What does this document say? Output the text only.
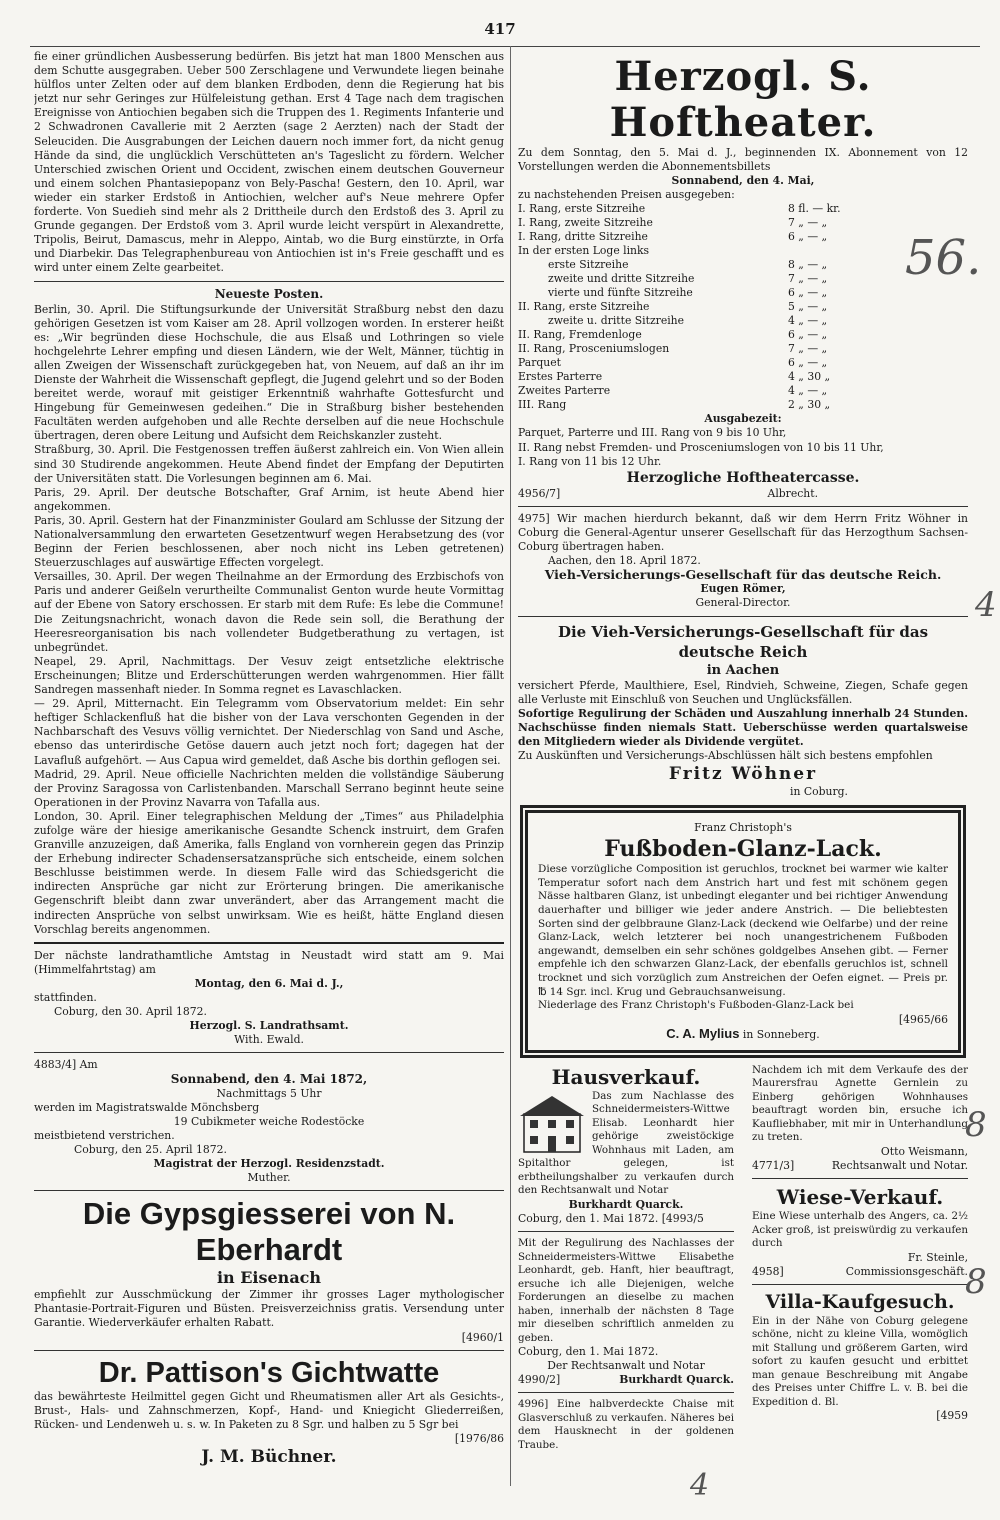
417

fie einer gründlichen Ausbesserung bedürfen. Bis jetzt hat man 1800 Menschen aus dem Schutte ausgegraben. Ueber 500 Zerschlagene und Verwundete liegen beinahe hülflos unter Zelten oder auf dem blanken Erdboden, denn die Regierung hat bis jetzt nur sehr Geringes zur Hülfeleistung gethan. Erst 4 Tage nach dem tragischen Ereignisse von Antiochien begaben sich die Truppen des 1. Regiments Infanterie und 2 Schwadronen Cavallerie mit 2 Aerzten (sage 2 Aerzten) nach der Stadt der Seleuciden. Die Ausgrabungen der Leichen dauern noch immer fort, da nicht genug Hände da sind, die unglücklich Verschütteten an's Tageslicht zu fördern. Welcher Unterschied zwischen Orient und Occident, zwischen einem deutschen Gouverneur und einem solchen Phantasiepopanz von Bely-Pascha! Gestern, den 10. April, war wieder ein starker Erdstoß in Antiochien, welcher auf's Neue mehrere Opfer forderte. Von Suedieh sind mehr als 2 Drittheile durch den Erdstoß des 3. April zu Grunde gegangen. Der Erdstoß vom 3. April wurde leicht verspürt in Alexandrette, Tripolis, Beirut, Damascus, mehr in Aleppo, Aintab, wo die Burg einstürzte, in Orfa und Diarbekir. Das Telegraphenbureau von Antiochien ist in's Freie geschafft und es wird unter einem Zelte gearbeitet.

Neueste Posten.

Berlin, 30. April. Die Stiftungsurkunde der Universität Straßburg nebst den dazu gehörigen Gesetzen ist vom Kaiser am 28. April vollzogen worden. In ersterer heißt es: „Wir begründen diese Hochschule, die aus Elsaß und Lothringen so viele hochgelehrte Lehrer empfing und diesen Ländern, wie der Welt, Männer, tüchtig in allen Zweigen der Wissenschaft zurückgegeben hat, von Neuem, auf daß an ihr im Dienste der Wahrheit die Wissenschaft gepflegt, die Jugend gelehrt und so der Boden bereitet werde, worauf mit geistiger Erkenntniß wahrhafte Gottesfurcht und Hingebung für Gemeinwesen gedeihen.“ Die in Straßburg bisher bestehenden Facultäten werden aufgehoben und alle Rechte derselben auf die neue Hochschule übertragen, deren obere Leitung und Aufsicht dem Reichskanzler zusteht.

Straßburg, 30. April. Die Festgenossen treffen äußerst zahlreich ein. Von Wien allein sind 30 Studirende angekommen. Heute Abend findet der Empfang der Deputirten der Universitäten statt. Die Vorlesungen beginnen am 6. Mai.

Paris, 29. April. Der deutsche Botschafter, Graf Arnim, ist heute Abend hier angekommen.

Paris, 30. April. Gestern hat der Finanzminister Goulard am Schlusse der Sitzung der Nationalversammlung den erwarteten Gesetzentwurf wegen Herabsetzung des (vor Beginn der Ferien beschlossenen, aber noch nicht ins Leben getretenen) Steuerzuschlages auf auswärtige Effecten vorgelegt.

Versailles, 30. April. Der wegen Theilnahme an der Ermordung des Erzbischofs von Paris und anderer Geißeln verurtheilte Communalist Genton wurde heute Vormittag auf der Ebene von Satory erschossen. Er starb mit dem Rufe: Es lebe die Commune! Die Zeitungsnachricht, wonach davon die Rede sein soll, die Berathung der Heeresreorganisation bis nach vollendeter Budgetberathung zu vertagen, ist unbegründet.

Neapel, 29. April, Nachmittags. Der Vesuv zeigt entsetzliche elektrische Erscheinungen; Blitze und Erderschütterungen werden wahrgenommen. Hier fällt Sandregen massenhaft nieder. In Somma regnet es Lavaschlacken.

— 29. April, Mitternacht. Ein Telegramm vom Observatorium meldet: Ein sehr heftiger Schlackenfluß hat die bisher von der Lava verschonten Gegenden in der Nachbarschaft des Vesuvs völlig vernichtet. Der Niederschlag von Sand und Asche, ebenso das unterirdische Getöse dauern auch jetzt noch fort; dagegen hat der Lavafluß aufgehört. — Aus Capua wird gemeldet, daß Asche bis dorthin geflogen sei.

Madrid, 29. April. Neue officielle Nachrichten melden die vollständige Säuberung der Provinz Saragossa von Carlistenbanden. Marschall Serrano beginnt heute seine Operationen in der Provinz Navarra von Tafalla aus.

London, 30. April. Einer telegraphischen Meldung der „Times“ aus Philadelphia zufolge wäre der hiesige amerikanische Gesandte Schenck instruirt, dem Grafen Granville anzuzeigen, daß Amerika, falls England von vornherein gegen das Prinzip der Erhebung indirecter Schadensersatzansprüche sich entscheide, einem solchen Beschlusse beistimmen werde. In diesem Falle wird das Schiedsgericht die indirecten Ansprüche gar nicht zur Erörterung bringen. Die amerikanische Gegenschrift bleibt dann zwar unverändert, aber das Arrangement macht die indirecten Ansprüche von selbst unwirksam. Wie es heißt, hätte England diesen Vorschlag bereits angenommen.

Der nächste landrathamtliche Amtstag in Neustadt wird statt am 9. Mai (Himmelfahrtstag) am

Montag, den 6. Mai d. J.,
stattfinden.
Coburg, den 30. April 1872.
Herzogl. S. Landrathsamt.
With. Ewald.
4883/4] Am
Sonnabend, den 4. Mai 1872,
Nachmittags 5 Uhr
werden im Magistratswalde Mönchsberg
19 Cubikmeter weiche Rodestöcke
meistbietend verstrichen.
Coburg, den 25. April 1872.
Magistrat der Herzogl. Residenzstadt.
Muther.
Die Gypsgiesserei von N. Eberhardt
in Eisenach

empfiehlt zur Ausschmückung der Zimmer ihr grosses Lager mythologischer Phantasie-Portrait-Figuren und Büsten. Preisverzeichniss gratis. Versendung unter Garantie. Wiederverkäufer erhalten Rabatt.

[4960/1
Dr. Pattison's Gichtwatte

das bewährteste Heilmittel gegen Gicht und Rheumatismen aller Art als Gesichts-, Brust-, Hals- und Zahnschmerzen, Kopf-, Hand- und Kniegicht Gliederreißen, Rücken- und Lendenweh u. s. w. In Paketen zu 8 Sgr. und halben zu 5 Sgr bei

[1976/86
J. M. Büchner.
Herzogl. S. Hoftheater.

Zu dem Sonntag, den 5. Mai d. J., beginnenden IX. Abonnement von 12 Vorstellungen werden die Abonnementsbillets

Sonnabend, den 4. Mai,
zu nachstehenden Preisen ausgegeben:
I. Rang, erste Sitzreihe	8 fl. — kr.
I. Rang, zweite Sitzreihe	7 „ — „
I. Rang, dritte Sitzreihe	6 „ — „
In der ersten Loge links
erste Sitzreihe	8 „ — „
zweite und dritte Sitzreihe	7 „ — „
vierte und fünfte Sitzreihe	6 „ — „
II. Rang, erste Sitzreihe	5 „ — „
zweite u. dritte Sitzreihe	4 „ — „
II. Rang, Fremdenloge	6 „ — „
II. Rang, Prosceniumslogen	7 „ — „
Parquet	6 „ — „
Erstes Parterre	4 „ 30 „
Zweites Parterre	4 „ — „
III. Rang	2 „ 30 „
Ausgabezeit:
Parquet, Parterre und III. Rang von 9 bis 10 Uhr,
II. Rang nebst Fremden- und Prosceniumslogen von 10 bis 11 Uhr,
I. Rang von 11 bis 12 Uhr.
Herzogliche Hoftheatercasse.
4956/7]	Albrecht.

4975] Wir machen hierdurch bekannt, daß wir dem Herrn Fritz Wöhner in Coburg die General-Agentur unserer Gesellschaft für das Herzogthum Sachsen-Coburg übertragen haben.

Aachen, den 18. April 1872.
Vieh-Versicherungs-Gesellschaft für das deutsche Reich.
Eugen Römer,
General-Director.
Die Vieh-Versicherungs-Gesellschaft für das deutsche Reich
in Aachen

versichert Pferde, Maulthiere, Esel, Rindvieh, Schweine, Ziegen, Schafe gegen alle Verluste mit Einschluß von Seuchen und Unglücksfällen.

Sofortige Regulirung der Schäden und Auszahlung innerhalb 24 Stunden. Nachschüsse finden niemals Statt. Ueberschüsse werden quartalsweise den Mitgliedern wieder als Dividende vergütet.

Zu Auskünften und Versicherungs-Abschlüssen hält sich bestens empfohlen

Fritz Wöhner
in Coburg.
Franz Christoph's
Fußboden-Glanz-Lack.

Diese vorzügliche Composition ist geruchlos, trocknet bei warmer wie kalter Temperatur sofort nach dem Anstrich hart und fest mit schönem gegen Nässe haltbaren Glanz, ist unbedingt eleganter und bei richtiger Anwendung dauerhafter und billiger wie jeder andere Anstrich. — Die beliebtesten Sorten sind der gelbbraune Glanz-Lack (deckend wie Oelfarbe) und der reine Glanz-Lack, welch letzterer bei noch unangestrichenem Fußboden angewandt, demselben ein sehr schönes goldgelbes Ansehen gibt. — Ferner empfehle ich den schwarzen Glanz-Lack, der ebenfalls geruchlos ist, schnell trocknet und sich vorzüglich zum Anstreichen der Oefen eignet. — Preis pr. ℔ 14 Sgr. incl. Krug und Gebrauchsanweisung.

Niederlage des Franz Christoph's Fußboden-Glanz-Lack bei

[4965/66
C. A. Mylius in Sonneberg.
Hausverkauf.

Das zum Nachlasse des Schneidermeisters-Wittwe Elisab. Leonhardt hier gehörige zweistöckige Wohnhaus mit Laden, am Spitalthor gelegen, ist erbtheilungshalber zu verkaufen durch den Rechtsanwalt und Notar

Burkhardt Quarck.
Coburg, den 1. Mai 1872. [4993/5

Mit der Regulirung des Nachlasses der Schneidermeisters-Wittwe Elisabethe Leonhardt, geb. Hanft, hier beauftragt, ersuche ich alle Diejenigen, welche Forderungen an dieselbe zu machen haben, innerhalb der nächsten 8 Tage mir dieselben schriftlich anmelden zu geben.

Coburg, den 1. Mai 1872.
Der Rechtsanwalt und Notar
4990/2]	Burkhardt Quarck.

4996] Eine halbverdeckte Chaise mit Glasverschluß zu verkaufen. Näheres bei dem Hausknecht in der goldenen Traube.

Nachdem ich mit dem Verkaufe des der Maurersfrau Agnette Gernlein zu Einberg gehörigen Wohnhauses beauftragt worden bin, ersuche ich Kaufliebhaber, mit mir in Unterhandlung zu treten.

Otto Weismann,
4771/3]	Rechtsanwalt und Notar.
Wiese-Verkauf.

Eine Wiese unterhalb des Angers, ca. 2½ Acker groß, ist preiswürdig zu verkaufen durch

Fr. Steinle,
4958]	Commissionsgeschäft.
Villa-Kaufgesuch.

Ein in der Nähe von Coburg gelegene schöne, nicht zu kleine Villa, womöglich mit Stallung und größerem Garten, wird sofort zu kaufen gesucht und erbittet man genaue Beschreibung mit Angabe des Preises unter Chiffre L. v. B. bei die Expedition d. Bl.

[4959
56.
4
8
8
4
